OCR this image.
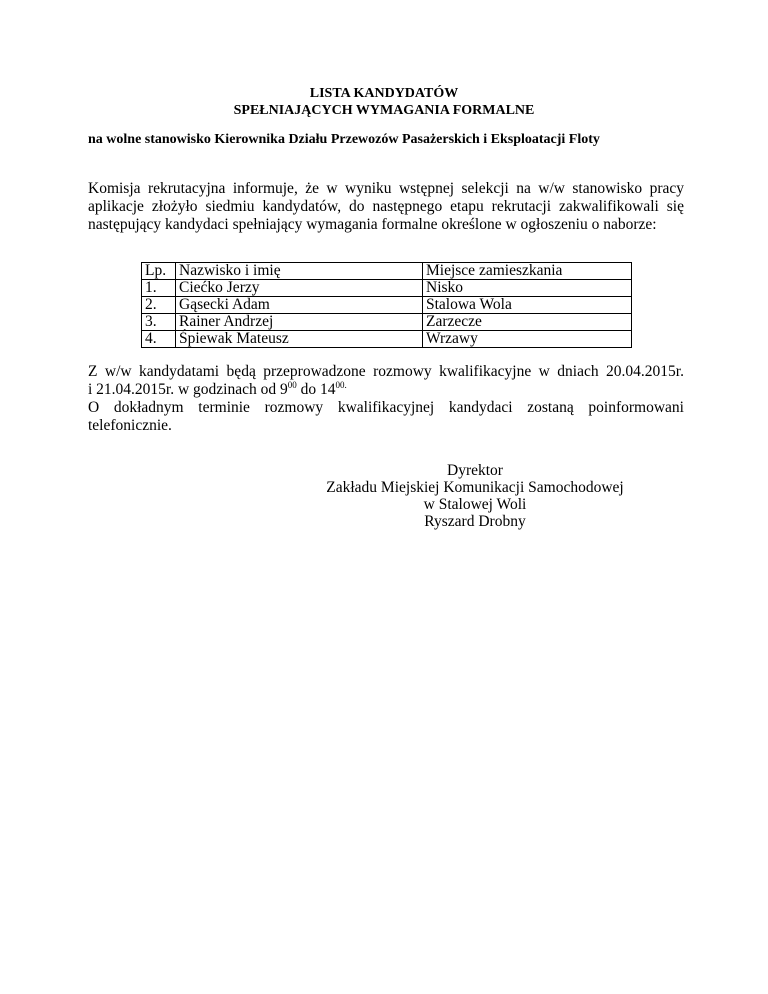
LISTA KANDYDATÓW
SPEŁNIAJĄCYCH WYMAGANIA FORMALNE
na wolne stanowisko Kierownika Działu Przewozów Pasażerskich i Eksploatacji Floty
Komisja rekrutacyjna informuje, że w wyniku wstępnej selekcji na w/w stanowisko pracy
aplikacje złożyło siedmiu kandydatów, do następnego etapu rekrutacji zakwalifikowali się
następujący kandydaci spełniający wymagania formalne określone w ogłoszeniu o naborze:
Lp.	Nazwisko i imię	Miejsce zamieszkania
1.	Ciećko Jerzy	Nisko
2.	Gąsecki Adam	Stalowa Wola
3.	Rainer Andrzej	Zarzecze
4.	Śpiewak Mateusz	Wrzawy
Z w/w kandydatami będą przeprowadzone rozmowy kwalifikacyjne w dniach 20.04.2015r.
i 21.04.2015r. w godzinach od $9^{00}$ do $14^{00.}$
O dokładnym terminie rozmowy kwalifikacyjnej kandydaci zostaną poinformowani
telefonicznie.
Dyrektor
Zakładu Miejskiej Komunikacji Samochodowej
w Stalowej Woli
Ryszard Drobny
